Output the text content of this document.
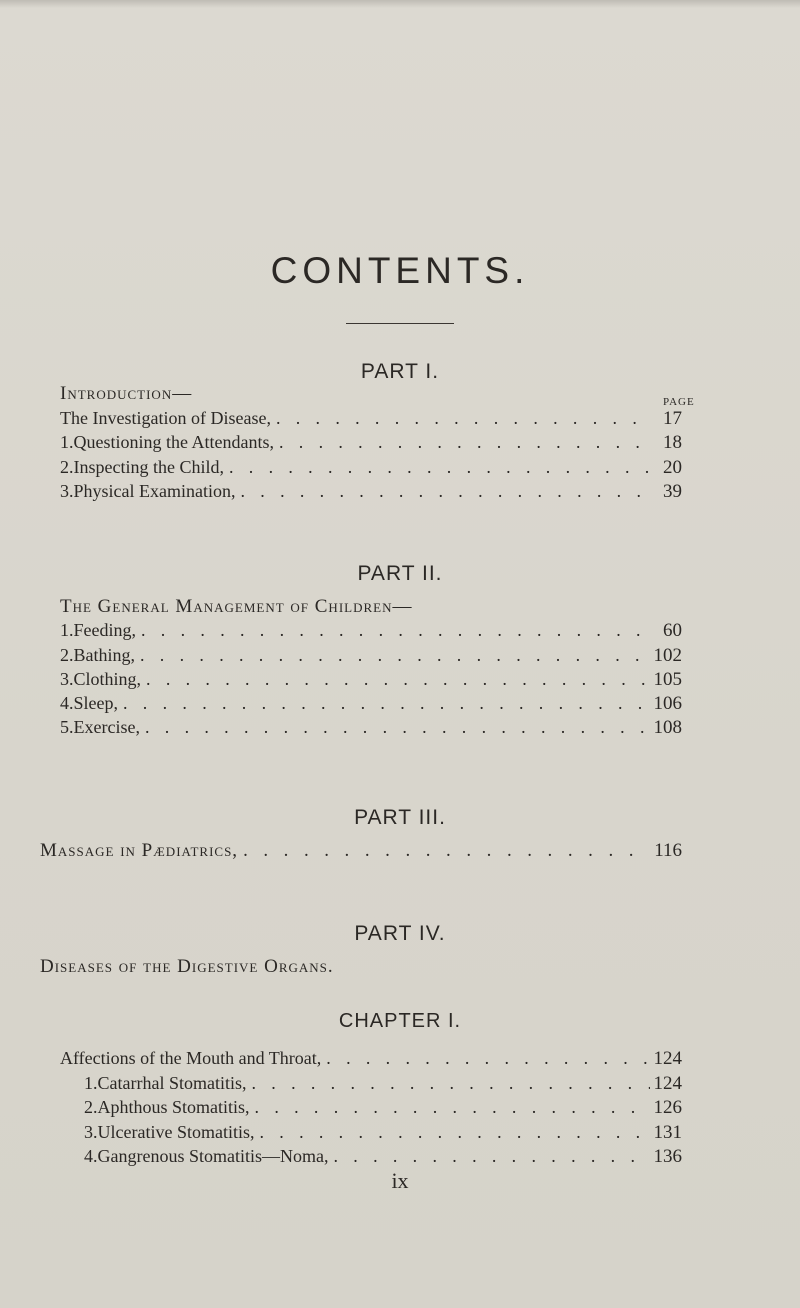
CONTENTS.
PART I.
Introduction—	PAGE
The Investigation of Disease, . . .	17
1. Questioning the Attendants, . . .	18
2. Inspecting the Child, . . .	20
3. Physical Examination, . . .	39
PART II.
The General Management of Children—
1. Feeding, . . .	60
2. Bathing, . . .	102
3. Clothing, . . .	105
4. Sleep, . . .	106
5. Exercise, . . .	108
PART III.
Massage in Pædiatrics, . . .	116
PART IV.
Diseases of the Digestive Organs.
CHAPTER I.
Affections of the Mouth and Throat, . . .	124
1. Catarrhal Stomatitis, . . .	124
2. Aphthous Stomatitis, . . .	126
3. Ulcerative Stomatitis, . . .	131
4. Gangrenous Stomatitis—Noma, . . .	136
ix
